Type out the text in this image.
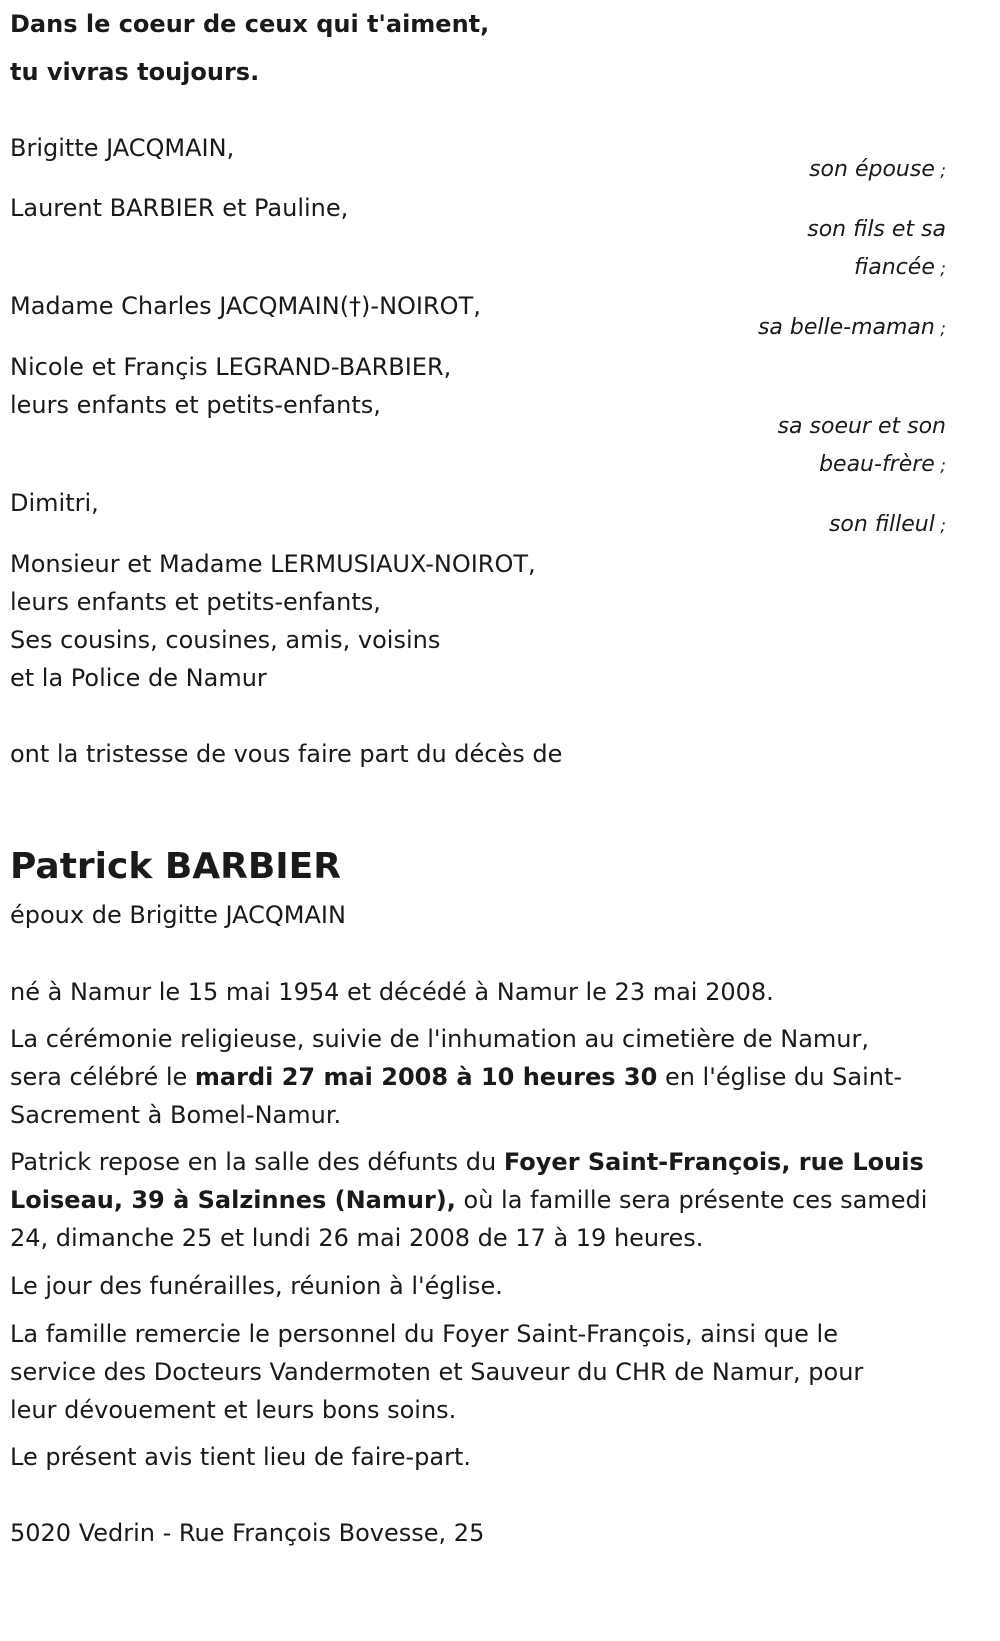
Dans le coeur de ceux qui t'aiment,
tu vivras toujours.
Brigitte JACQMAIN,
Laurent BARBIER et Pauline,
Madame Charles JACQMAIN(†)-NOIROT,
Nicole et Françis LEGRAND-BARBIER,
leurs enfants et petits-enfants,
Dimitri,
Monsieur et Madame LERMUSIAUX-NOIROT,
leurs enfants et petits-enfants,
Ses cousins, cousines, amis, voisins
et la Police de Namur
son épouse ;
son fils et sa
fiancée ;
sa belle-maman ;
sa soeur et son
beau-frère ;
son filleul ;
ont la tristesse de vous faire part du décès de
Patrick BARBIER
époux de Brigitte JACQMAIN
né à Namur le 15 mai 1954 et décédé à Namur le 23 mai 2008.
La cérémonie religieuse, suivie de l'inhumation au cimetière de Namur,
sera célébré le mardi 27 mai 2008 à 10 heures 30 en l'église du Saint-
Sacrement à Bomel-Namur.
Patrick repose en la salle des défunts du Foyer Saint-François, rue Louis
Loiseau, 39 à Salzinnes (Namur), où la famille sera présente ces samedi
24, dimanche 25 et lundi 26 mai 2008 de 17 à 19 heures.
Le jour des funérailles, réunion à l'église.
La famille remercie le personnel du Foyer Saint-François, ainsi que le
service des Docteurs Vandermoten et Sauveur du CHR de Namur, pour
leur dévouement et leurs bons soins.
Le présent avis tient lieu de faire-part.
5020 Vedrin - Rue François Bovesse, 25
